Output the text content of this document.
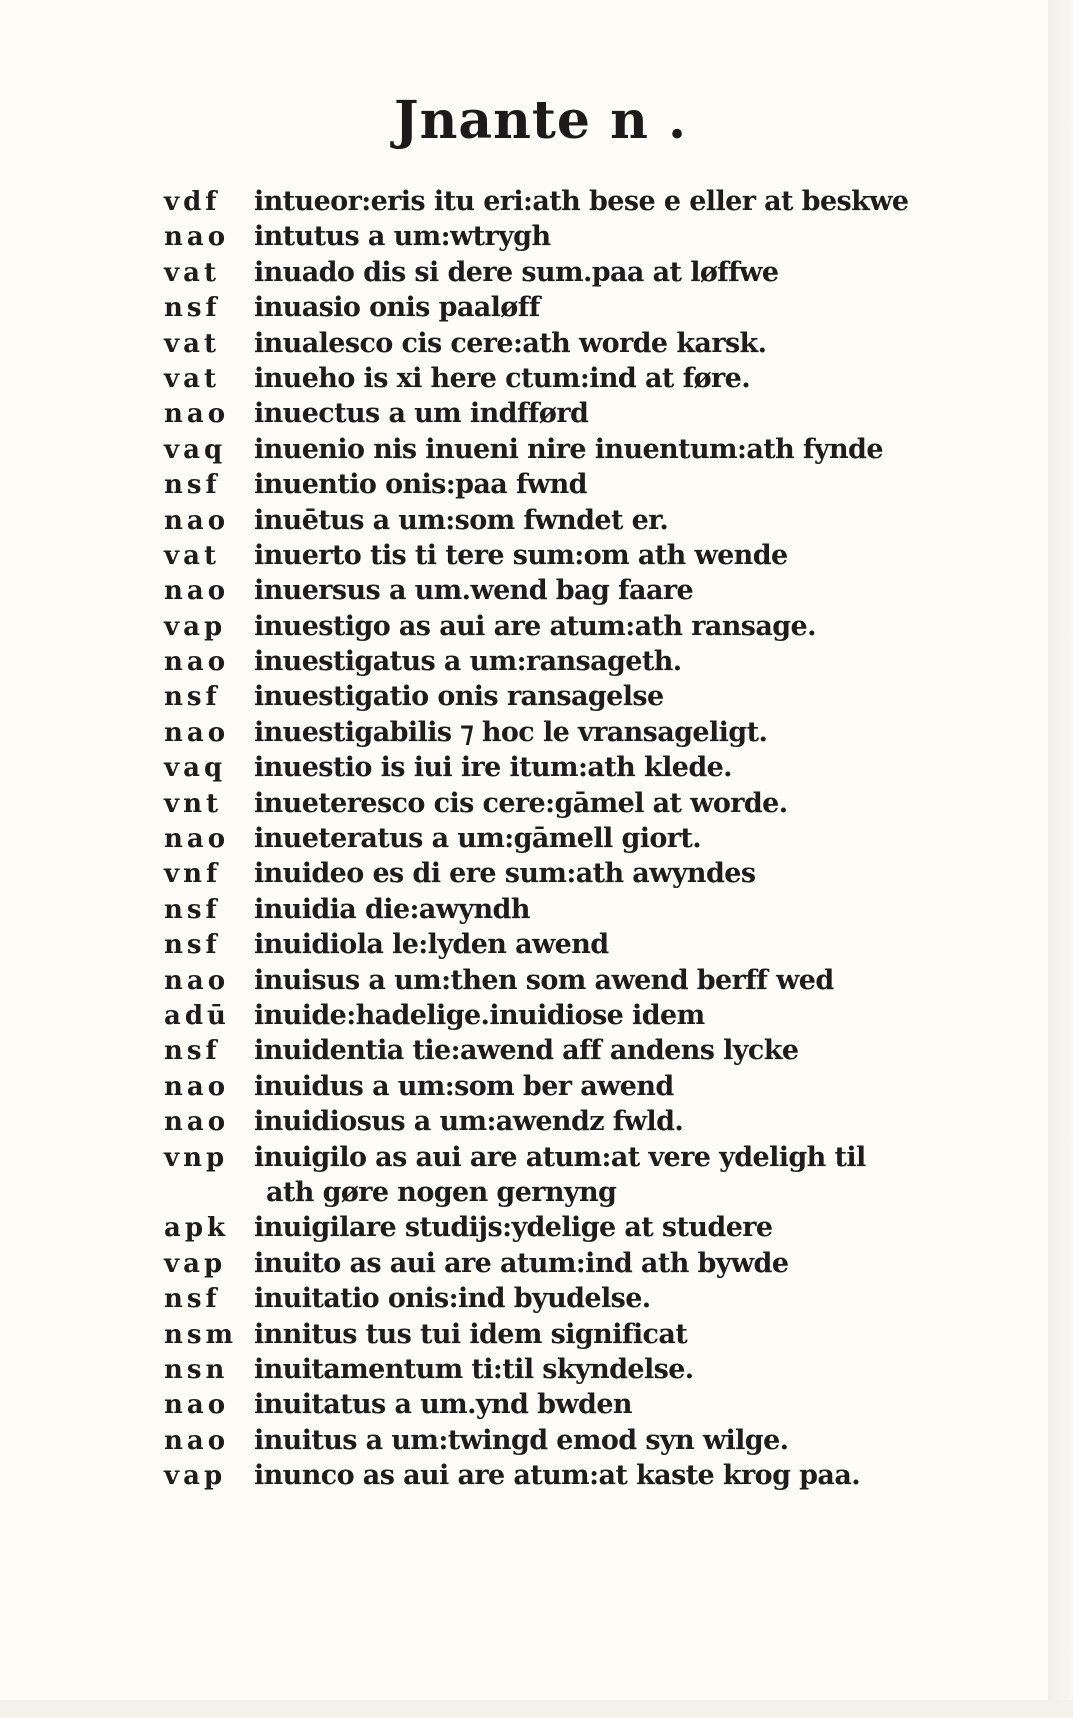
Jnante n .
vdf	intueor:eris itu eri:ath bese e eller at beskwe
nao intutus a um:wtrygh
vat	inuado dis si dere sum.paa at løffwe
nsf	inuasio onis paaløff
vat	inualesco cis cere:ath worde karsk.
vat	inueho is xi here ctum:ind at føre.
nao inuectus a um indfførd
vaq	inuenio nis inueni nire inuentum:ath fynde
nsf	inuentio onis:paa fwnd
nao inuētus a um:som fwndet er.
vat	inuerto tis ti tere sum:om ath wende
nao inuersus a um.wend bag faare
vap	inuestigo as aui are atum:ath ransage.
nao inuestigatus a um:ransageth.
nsf	inuestigatio onis ransagelse
nao inuestigabilis ⁊ hoc le vransageligt.
vaq	inuestio is iui ire itum:ath klede.
vnt	inueteresco cis cere:gāmel at worde.
nao inueteratus a um:gāmell giort.
vnf	inuideo es di ere sum:ath awyndes
nsf	inuidia die:awyndh
nsf	inuidiola le:lyden awend
nao inuisus a um:then som awend berff wed
adū inuide:hadelige.inuidiose idem
nsf	inuidentia tie:awend aff andens lycke
nao inuidus a um:som ber awend
nao inuidiosus a um:awendz fwld.
vnp inuigilo as aui are atum:at vere ydeligh til
ath gøre nogen gernyng
apk inuigilare studijs:ydelige at studere
vap	inuito as aui are atum:ind ath bywde
nsf	inuitatio onis:ind byudelse.
nsm innitus tus tui idem significat
nsn inuitamentum ti:til skyndelse.
nao inuitatus a um.ynd bwden
nao inuitus a um:twingd emod syn wilge.
vap	inunco as aui are atum:at kaste krog paa.
